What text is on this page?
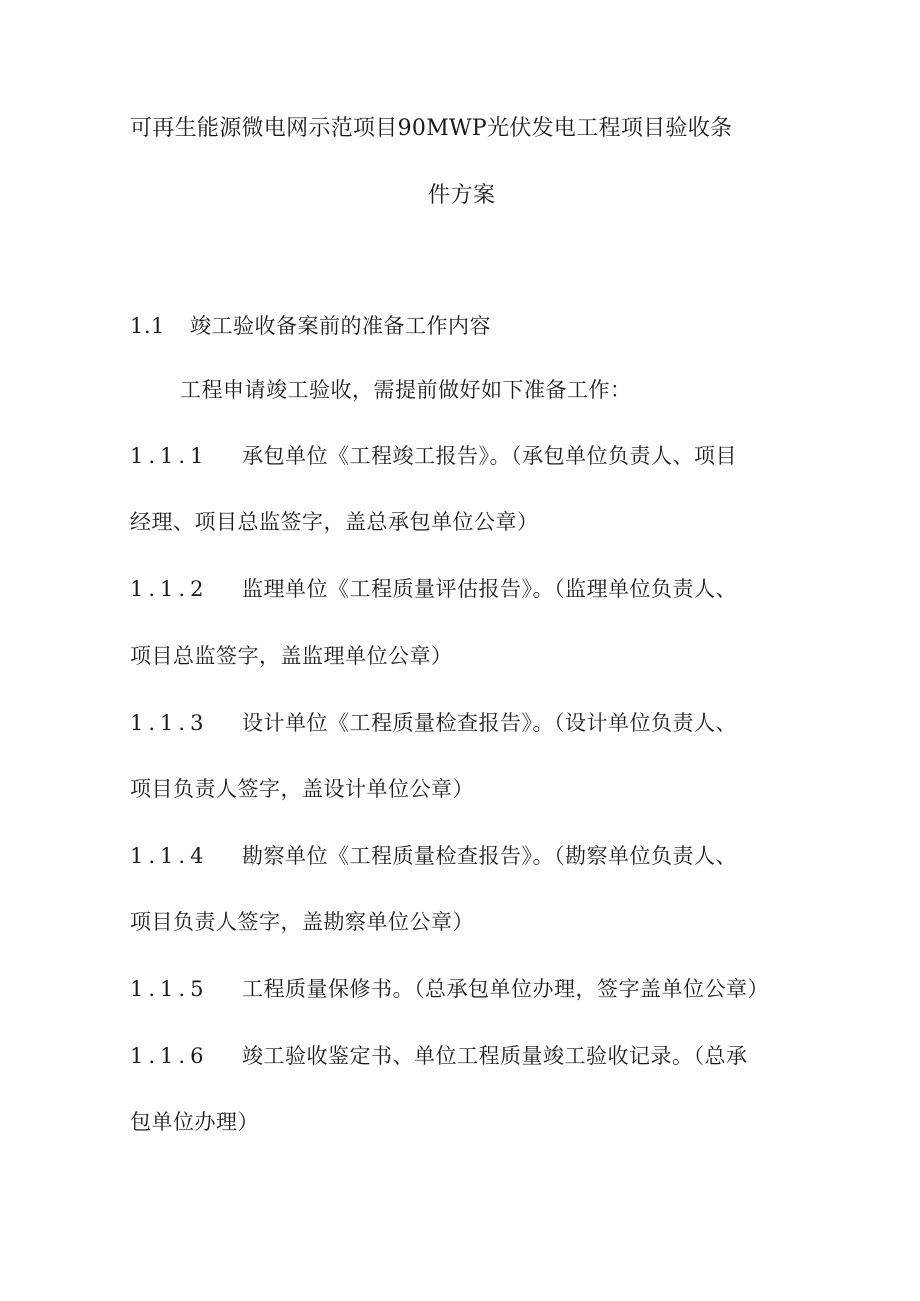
可再生能源微电网示范项目90MWP光伏发电工程项目验收条
件方案
1.1 竣工验收备案前的准备工作内容
工程申请竣工验收，需提前做好如下准备工作：
1.1.1 承包单位《工程竣工报告》。（承包单位负责人、项目
经理、项目总监签字，盖总承包单位公章）
1.1.2 监理单位《工程质量评估报告》。（监理单位负责人、
项目总监签字，盖监理单位公章）
1.1.3 设计单位《工程质量检查报告》。（设计单位负责人、
项目负责人签字，盖设计单位公章）
1.1.4 勘察单位《工程质量检查报告》。（勘察单位负责人、
项目负责人签字，盖勘察单位公章）
1.1.5 工程质量保修书。（总承包单位办理，签字盖单位公章）
1.1.6 竣工验收鉴定书、单位工程质量竣工验收记录。（总承
包单位办理）
